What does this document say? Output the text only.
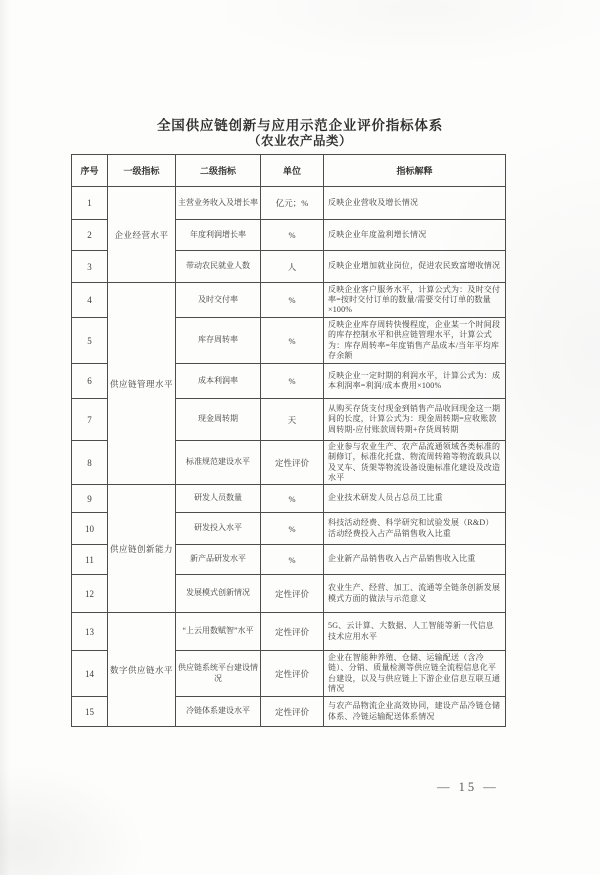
全国供应链创新与应用示范企业评价指标体系
（农业农产品类）
序号	一级指标	二级指标	单位	指标解释
1	企业经营水平	主营业务收入及增长率	亿元；%	反映企业营收及增长情况
2		年度利润增长率	%	反映企业年度盈利增长情况
3		带动农民就业人数	人	反映企业增加就业岗位，促进农民致富增收情况
4	供应链管理水平	及时交付率	%	反映企业客户服务水平，计算公式为：及时交付率=按时交付订单的数量/需要交付订单的数量×100%
5		库存周转率	%	反映企业库存周转快慢程度，企业某一个时间段的库存控制水平和供应链管理水平，计算公式为：库存周转率=年度销售产品成本/当年平均库存余额
6		成本利润率	%	反映企业一定时期的利润水平，计算公式为：成本利润率=利润/成本费用×100%
7		现金周转期	天	从购买存货支付现金到销售产品收回现金这一期间的长度，计算公式为：现金周转期=应收账款周转期-应付账款周转期+存货周转期
8		标准规范建设水平	定性评价	企业参与农业生产、农产品流通领域各类标准的制修订，标准化托盘、物流周转箱等物流载具以及叉车、货架等物流设备设施标准化建设及改造水平
9	供应链创新能力	研发人员数量	%	企业技术研发人员占总员工比重
10		研发投入水平	%	科技活动经费、科学研究和试验发展（R&D）活动经费投入占产品销售收入比重
11		新产品研发水平	%	企业新产品销售收入占产品销售收入比重
12		发展模式创新情况	定性评价	农业生产、经营、加工、流通等全链条创新发展模式方面的做法与示范意义
13	数字供应链水平	“上云用数赋智”水平	定性评价	5G、云计算、大数据、人工智能等新一代信息技术应用水平
14		供应链系统平台建设情况	定性评价	企业在智能种养殖、仓储、运输配送（含冷链）、分销、质量检测等供应链全流程信息化平台建设，以及与供应链上下游企业信息互联互通情况
15		冷链体系建设水平	定性评价	与农产品物流企业高效协同，建设产品冷链仓储体系、冷链运输配送体系情况
— 15 —
